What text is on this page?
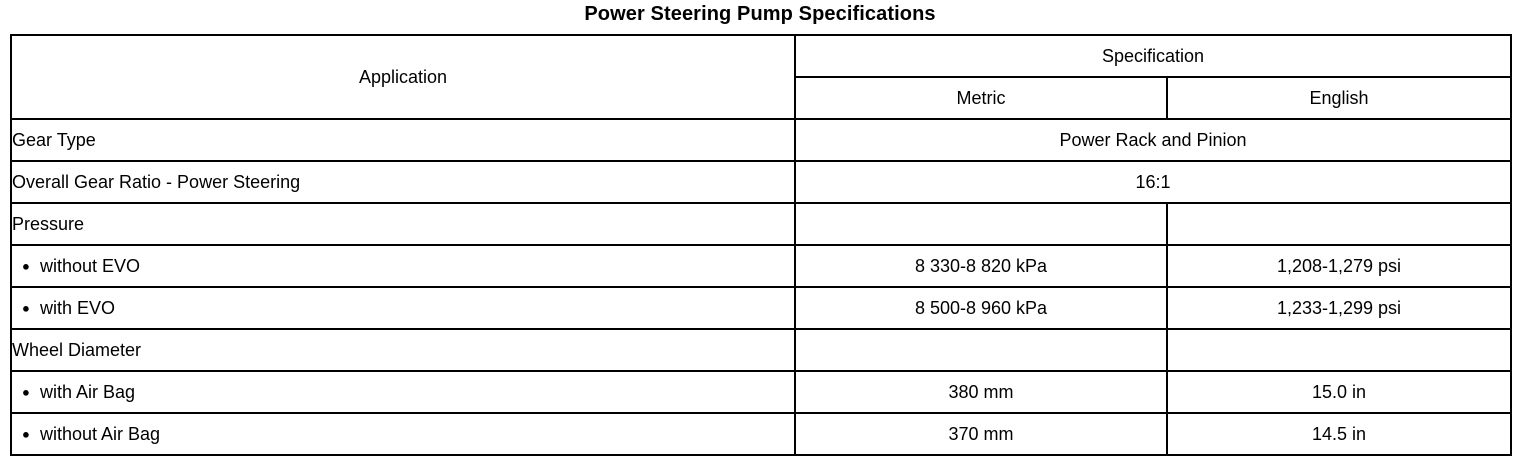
Power Steering Pump Specifications
Application	Specification	
	Metric	English
Gear Type	Power Rack and Pinion	
Overall Gear Ratio - Power Steering	16:1	
Pressure		

● without EVO	8 330-8 820 kPa	1,208-1,279 psi

● with EVO	8 500-8 960 kPa	1,233-1,299 psi
Wheel Diameter		

● with Air Bag	380 mm	15.0 in

● without Air Bag	370 mm	14.5 in
